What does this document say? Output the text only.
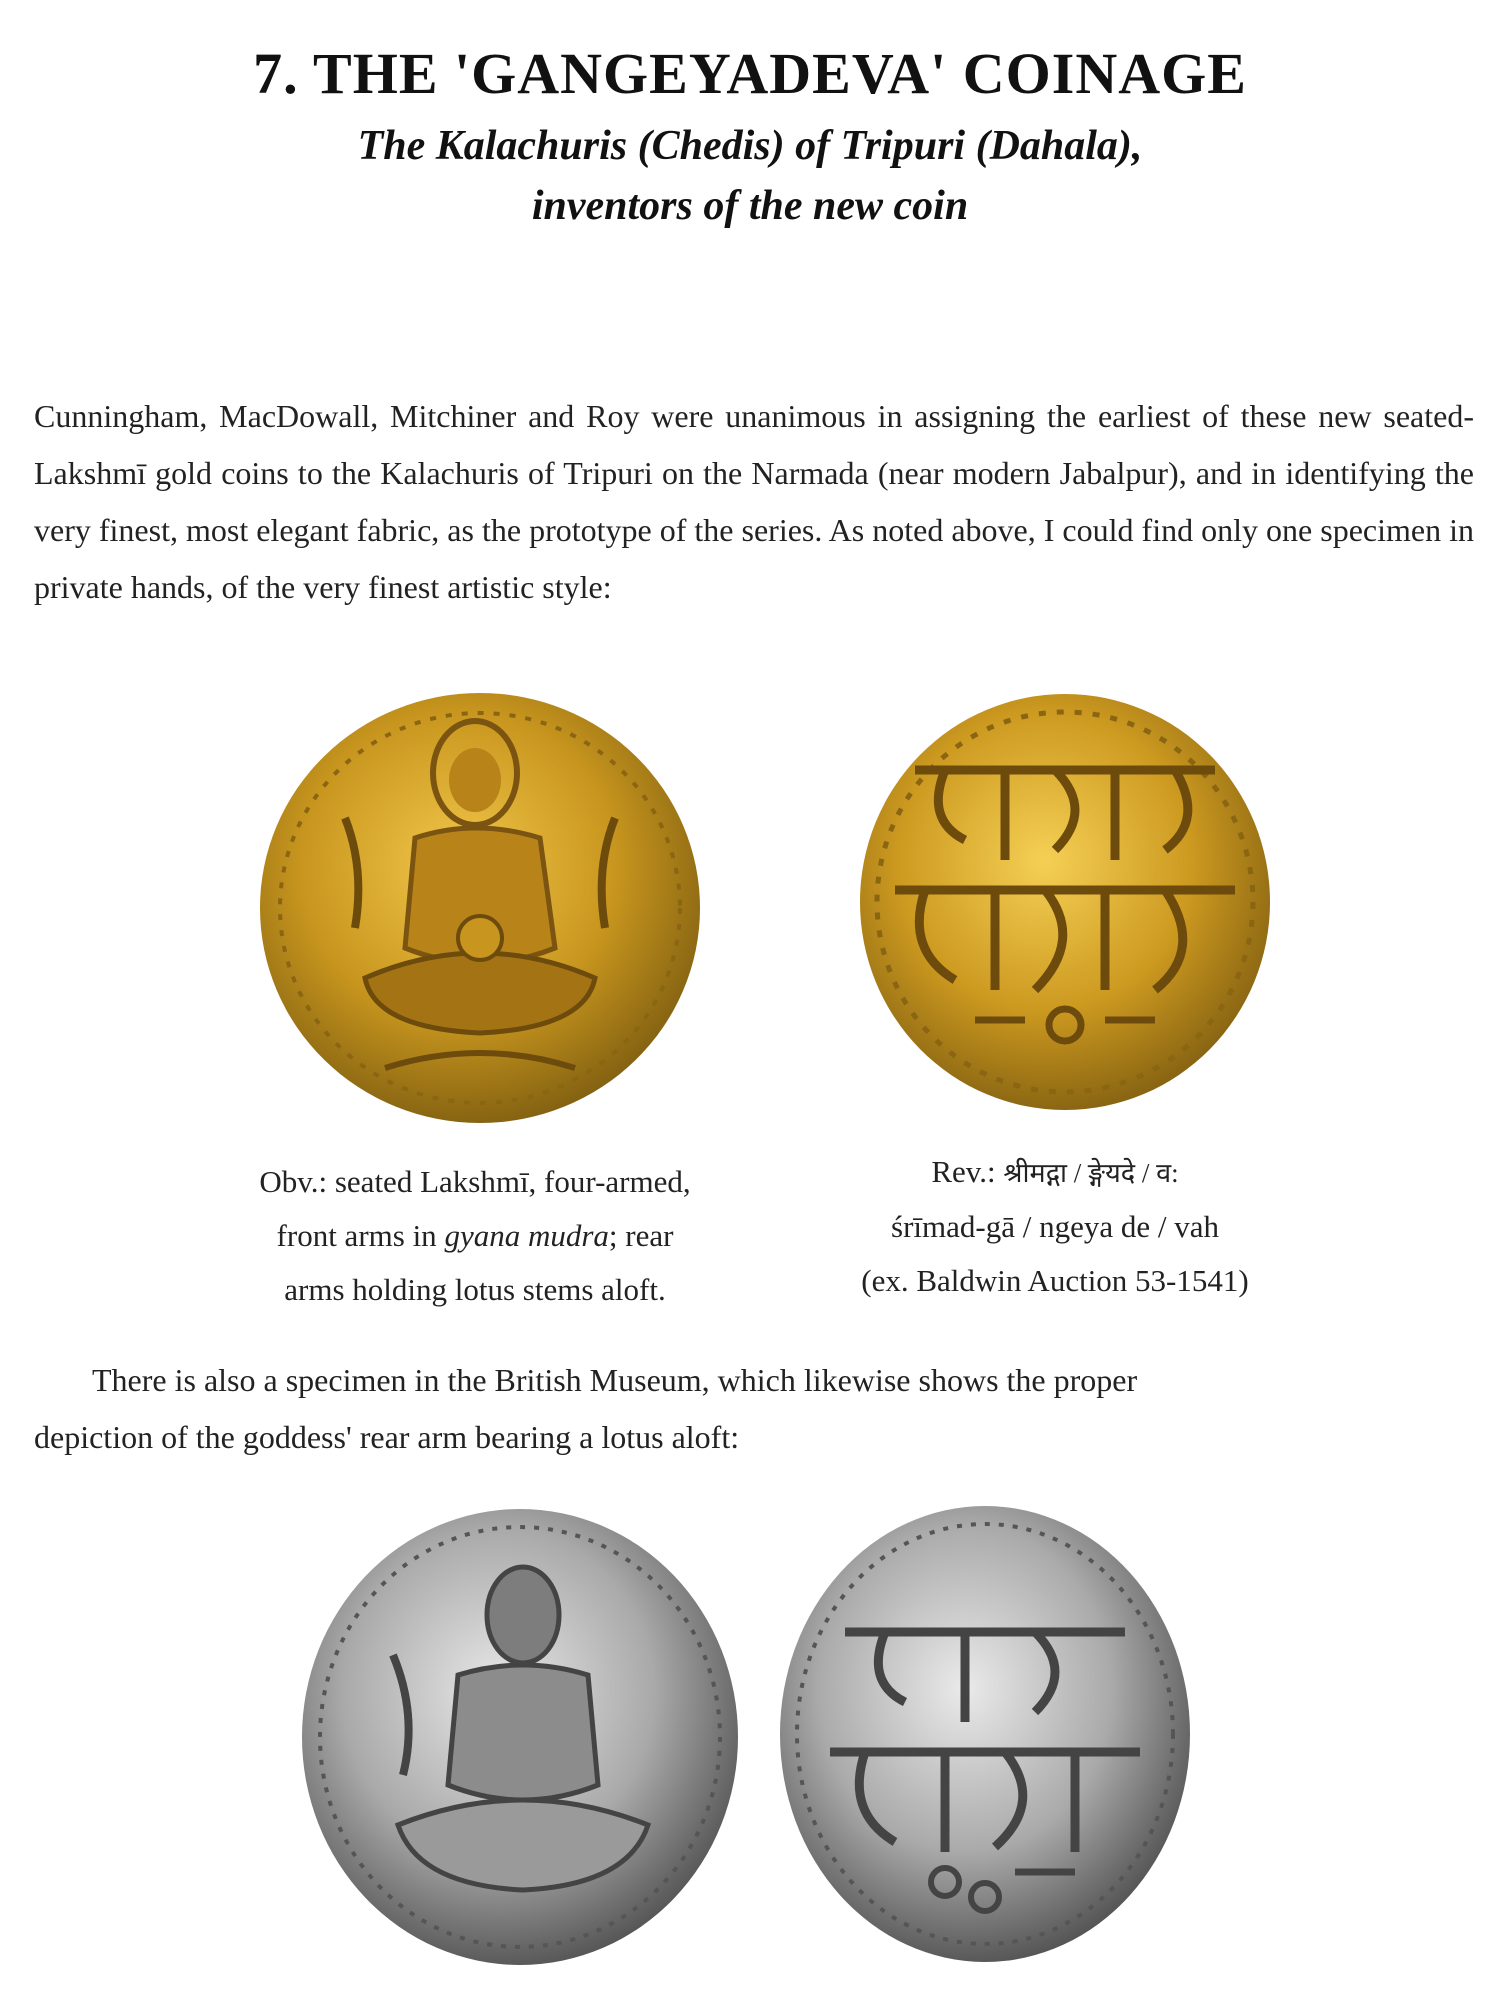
7. THE 'GANGEYADEVA' COINAGE
The Kalachuris (Chedis) of Tripuri (Dahala),
inventors of the new coin
Cunningham, MacDowall, Mitchiner and Roy were unanimous in assigning the earliest of these new seated-Lakshmī gold coins to the Kalachuris of Tripuri on the Narmada (near modern Jabalpur), and in identifying the very finest, most elegant fabric, as the prototype of the series. As noted above, I could find only one specimen in private hands, of the very finest artistic style:
Obv.: seated Lakshmī, four-armed,
front arms in gyana mudra; rear
arms holding lotus stems aloft.
Rev.: श्रीमद्गा / ङ्गेयदे / व:
śrīmad-gā / ngeya de / vah
(ex. Baldwin Auction 53-1541)
There is also a specimen in the British Museum, which likewise shows the proper
depiction of the goddess' rear arm bearing a lotus aloft:
